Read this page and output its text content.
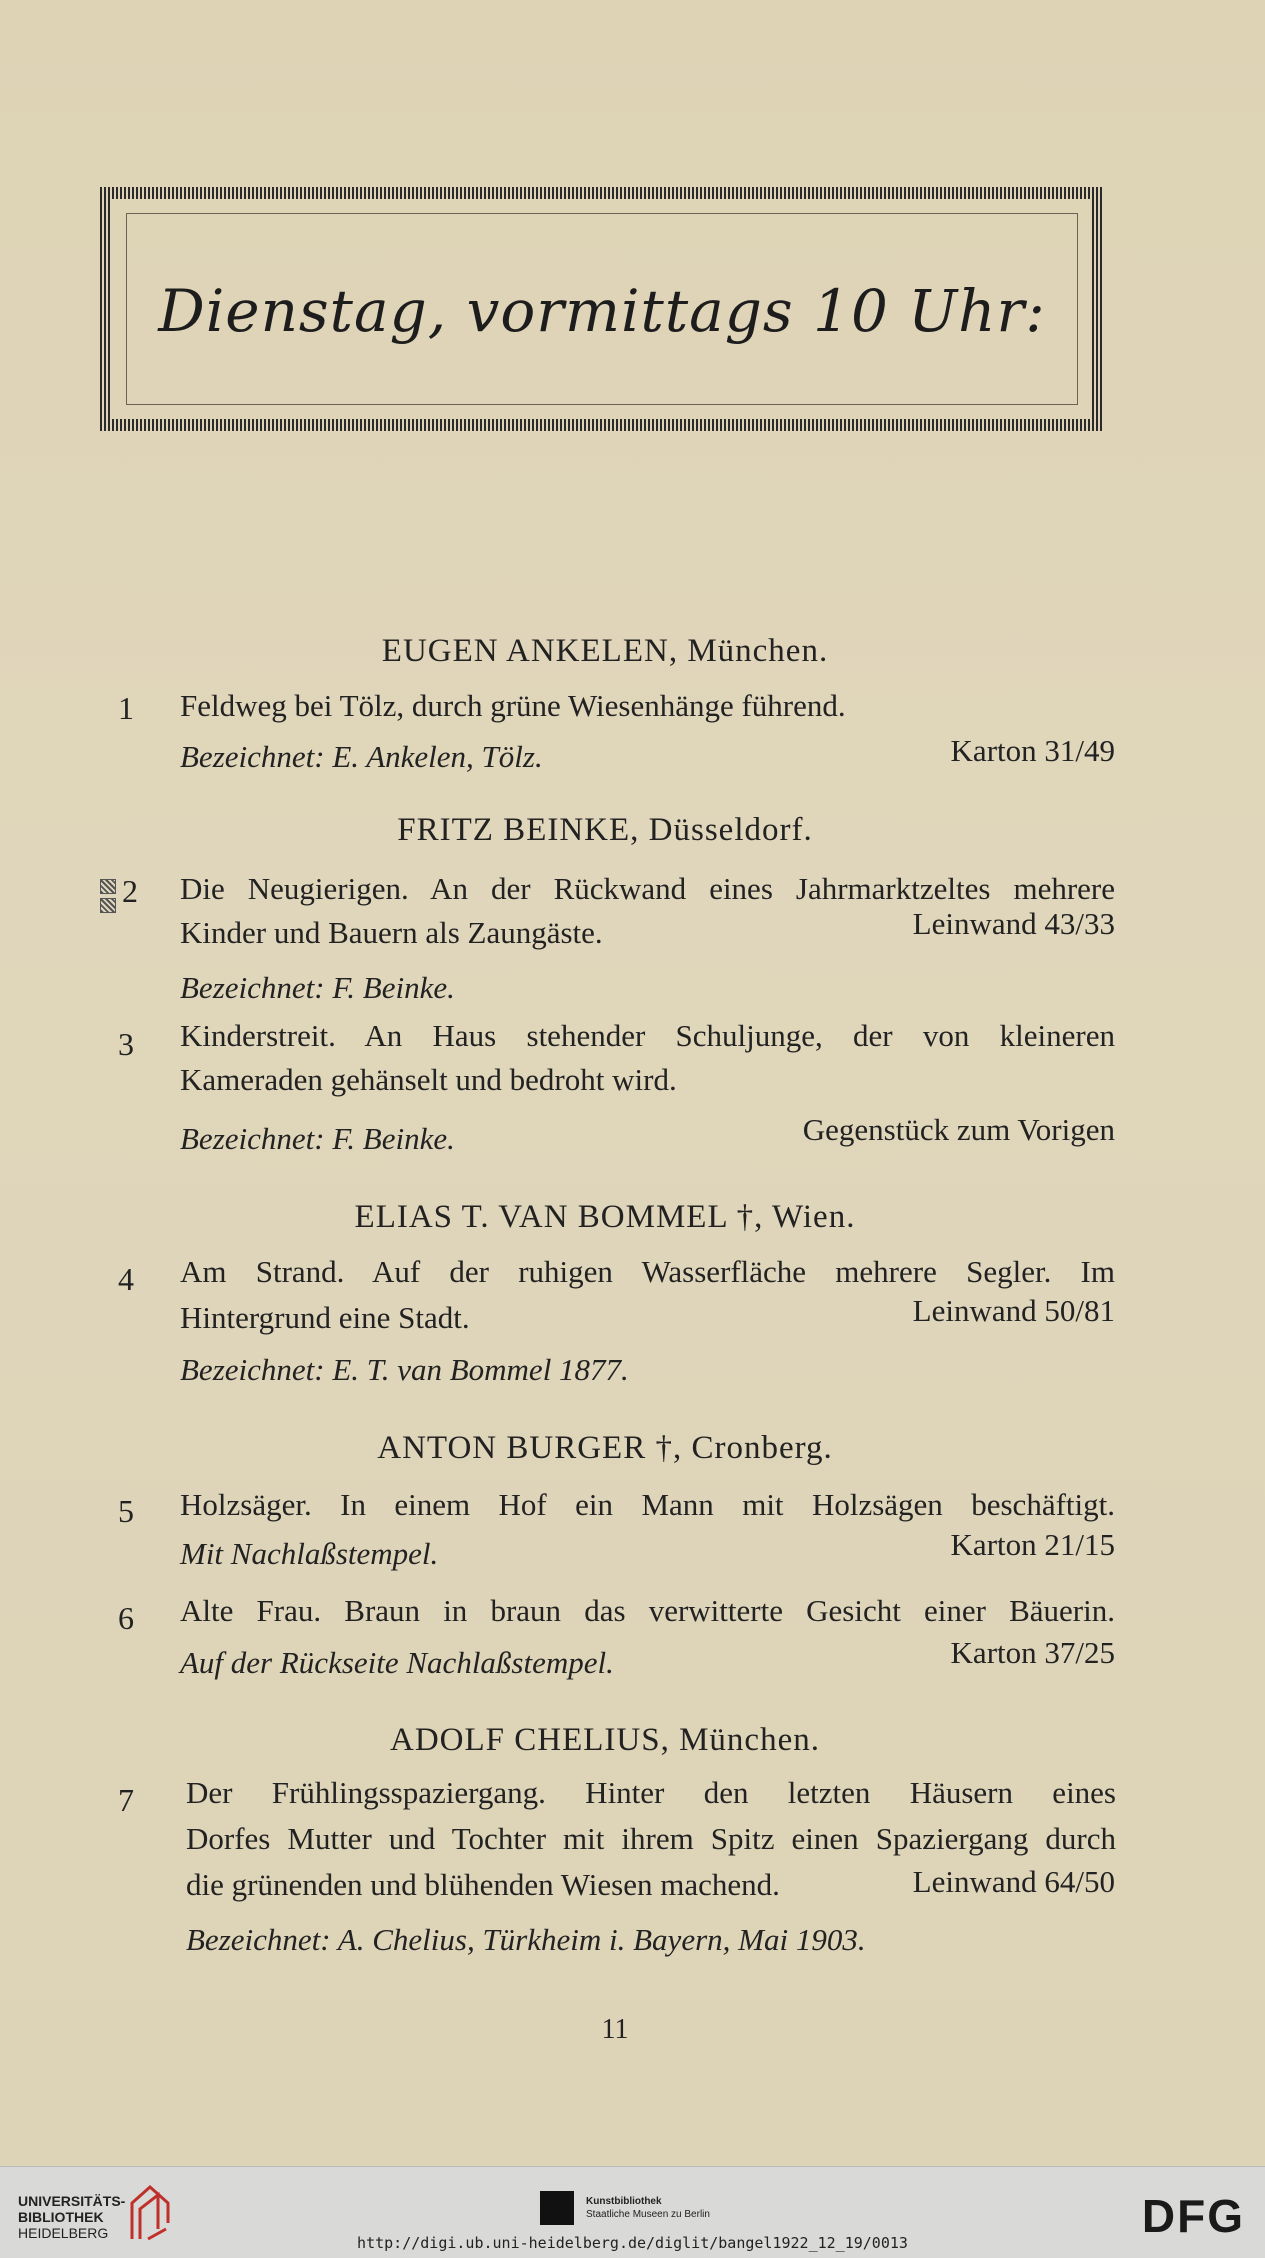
Dienstag, vormittags 10 Uhr:
EUGEN ANKELEN, München.
1 Feldweg bei Tölz, durch grüne Wiesenhänge führend.
Bezeichnet: E. Ankelen, Tölz.	Karton 31/49
FRITZ BEINKE, Düsseldorf.
2 Die Neugierigen. An der Rückwand eines Jahrmarktzeltes mehrere
Kinder und Bauern als Zaungäste.	Leinwand 43/33
Bezeichnet: F. Beinke.
3 Kinderstreit. An Haus stehender Schuljunge, der von kleineren
Kameraden gehänselt und bedroht wird.
Bezeichnet: F. Beinke.	Gegenstück zum Vorigen
ELIAS T. VAN BOMMEL †, Wien.
4 Am Strand. Auf der ruhigen Wasserfläche mehrere Segler. Im
Hintergrund eine Stadt.	Leinwand 50/81
Bezeichnet: E. T. van Bommel 1877.
ANTON BURGER †, Cronberg.
5 Holzsäger. In einem Hof ein Mann mit Holzsägen beschäftigt.
Mit Nachlaßstempel.	Karton 21/15
6 Alte Frau. Braun in braun das verwitterte Gesicht einer Bäuerin.
Auf der Rückseite Nachlaßstempel.	Karton 37/25
ADOLF CHELIUS, München.
7 Der Frühlingsspaziergang. Hinter den letzten Häusern eines
Dorfes Mutter und Tochter mit ihrem Spitz einen Spaziergang durch
die grünenden und blühenden Wiesen machend.	Leinwand 64/50
Bezeichnet: A. Chelius, Türkheim i. Bayern, Mai 1903.
11
UNIVERSITÄTS-
BIBLIOTHEK
HEIDELBERG
Kunstbibliothek
Staatliche Museen zu Berlin	DFG
http://digi.ub.uni-heidelberg.de/diglit/bangel1922_12_19/0013
